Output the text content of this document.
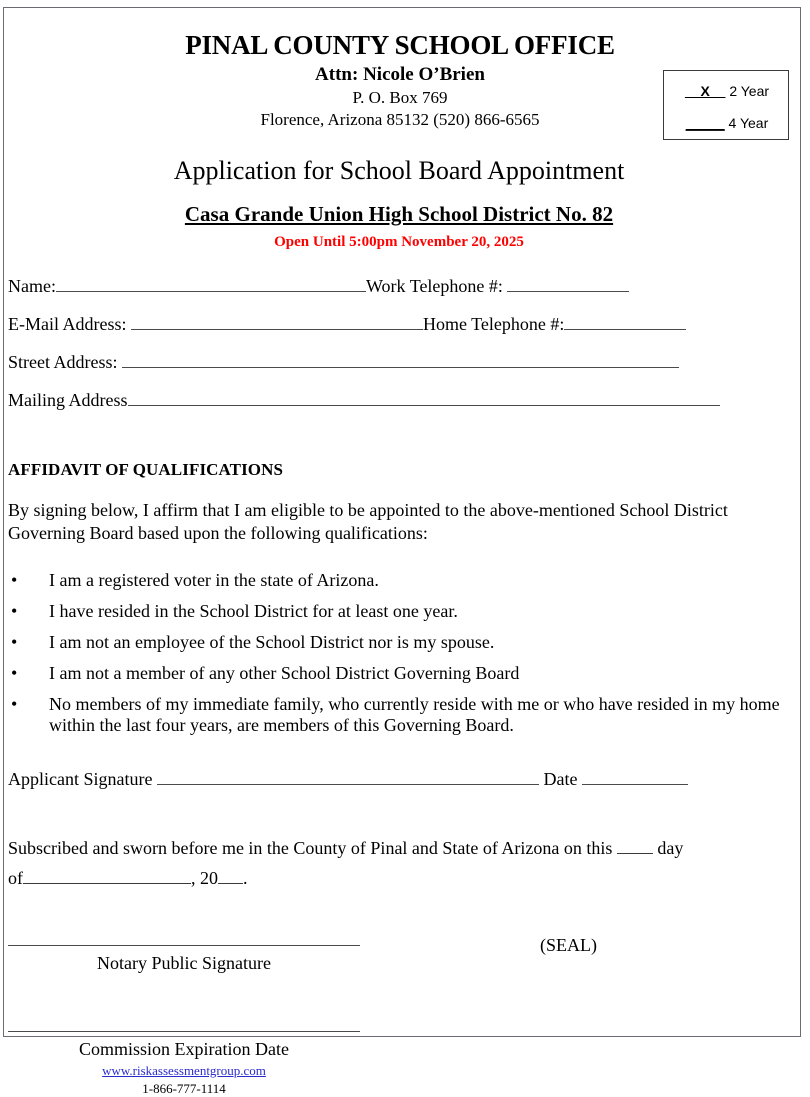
PINAL COUNTY SCHOOL OFFICE
Attn: Nicole O’Brien
P. O. Box 769
Florence, Arizona 85132 (520) 866-6565
__X__ 2 Year
_____ 4 Year
Application for School Board Appointment
Casa Grande Union High School District No. 82
Open Until 5:00pm November 20, 2025
Name:	Work Telephone #:
E-Mail Address:	Home Telephone #:
Street Address:
Mailing Address
AFFIDAVIT OF QUALIFICATIONS
By signing below, I affirm that I am eligible to be appointed to the above-mentioned School District Governing Board based upon the following qualifications:
• I am a registered voter in the state of Arizona.
• I have resided in the School District for at least one year.
• I am not an employee of the School District nor is my spouse.
• I am not a member of any other School District Governing Board
• No members of my immediate family, who currently reside with me or who have resided in my home within the last four years, are members of this Governing Board.
Applicant Signature	Date
Subscribed and sworn before me in the County of Pinal and State of Arizona on this	day
of	, 20 .
Notary Public Signature
Commission Expiration Date
www.riskassessmentgroup.com
1-866-777-1114
(SEAL)
